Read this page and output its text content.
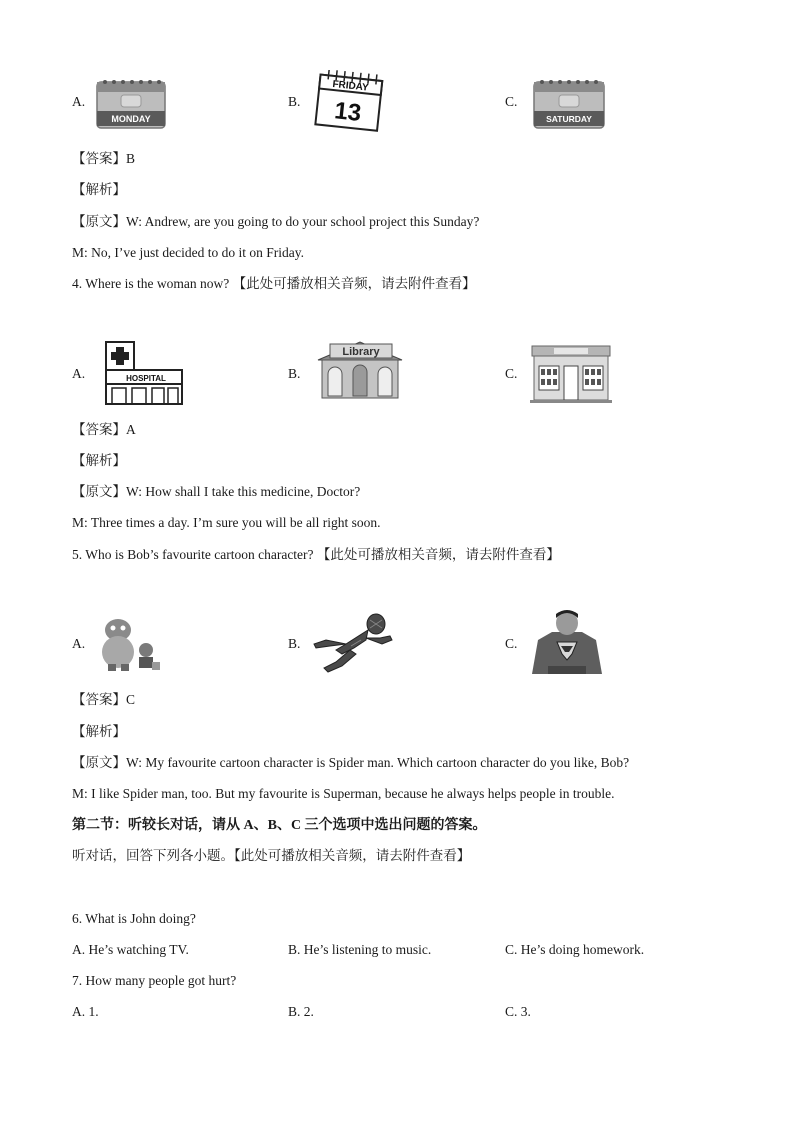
A.
MONDAY
B.
FRIDAY
13	C.
SATURDAY
【答案】B
【解析】
【原文】W: Andrew, are you going to do your school project this Sunday?
M: No, I’ve just decided to do it on Friday.
4. Where is the woman now? 【此处可播放相关音频，请去附件查看】
A.	HOSPITAL	B.
Library
C.
【答案】A
【解析】
【原文】W: How shall I take this medicine, Doctor?
M: Three times a day. I’m sure you will be all right soon.
5. Who is Bob’s favourite cartoon character? 【此处可播放相关音频，请去附件查看】
A.	B.	C.
【答案】C
【解析】
【原文】W: My favourite cartoon character is Spider man. Which cartoon character do you like, Bob?
M: I like Spider man, too. But my favourite is Superman, because he always helps people in trouble.
第二节：听较长对话，请从 A、B、C 三个选项中选出问题的答案。
听对话，回答下列各小题。【此处可播放相关音频，请去附件查看】
6. What is John doing?
A. He’s watching TV.	B. He’s listening to music.	C. He’s doing homework.
7. How many people got hurt?
A. 1.	B. 2.	C. 3.
